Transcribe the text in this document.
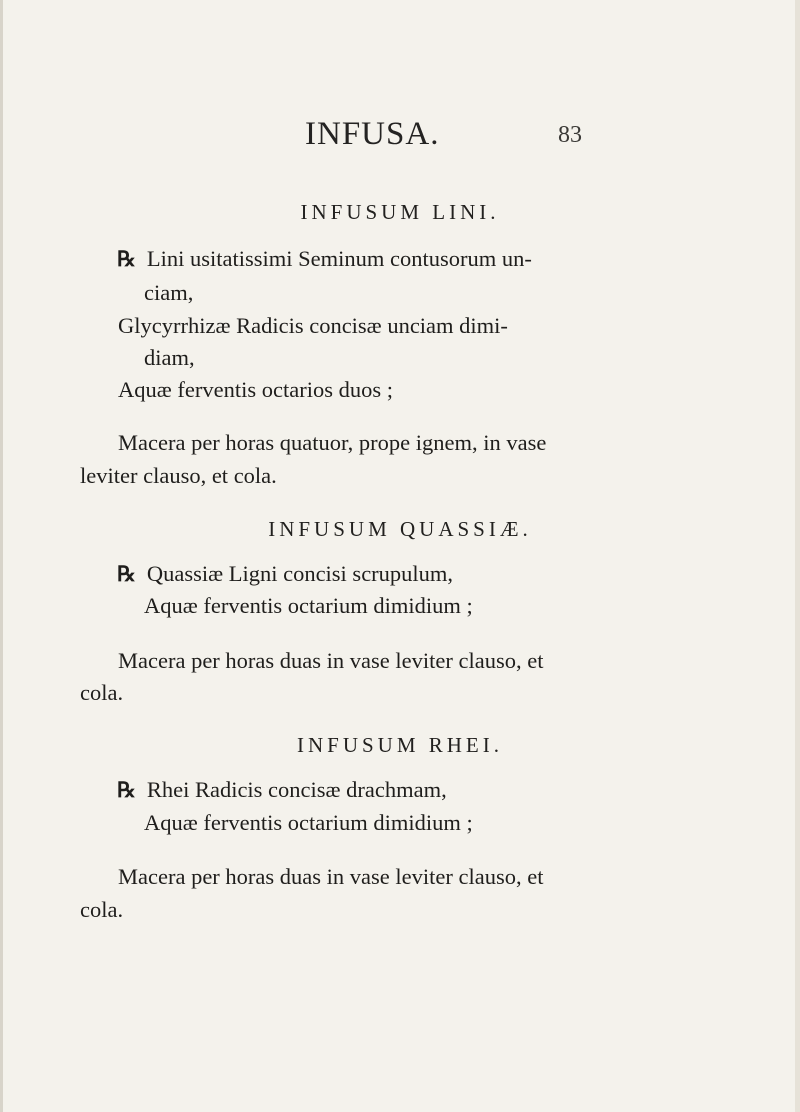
INFUSA.	83
INFUSUM LINI.
℞ Lini usitatissimi Seminum contusorum un-
ciam,
Glycyrrhizæ Radicis concisæ unciam dimi-
diam,
Aquæ ferventis octarios duos ;
Macera per horas quatuor, prope ignem, in vase
leviter clauso, et cola.
INFUSUM QUASSIÆ.
℞ Quassiæ Ligni concisi scrupulum,
Aquæ ferventis octarium dimidium ;
Macera per horas duas in vase leviter clauso, et
cola.
INFUSUM RHEI.
℞ Rhei Radicis concisæ drachmam,
Aquæ ferventis octarium dimidium ;
Macera per horas duas in vase leviter clauso, et
cola.
